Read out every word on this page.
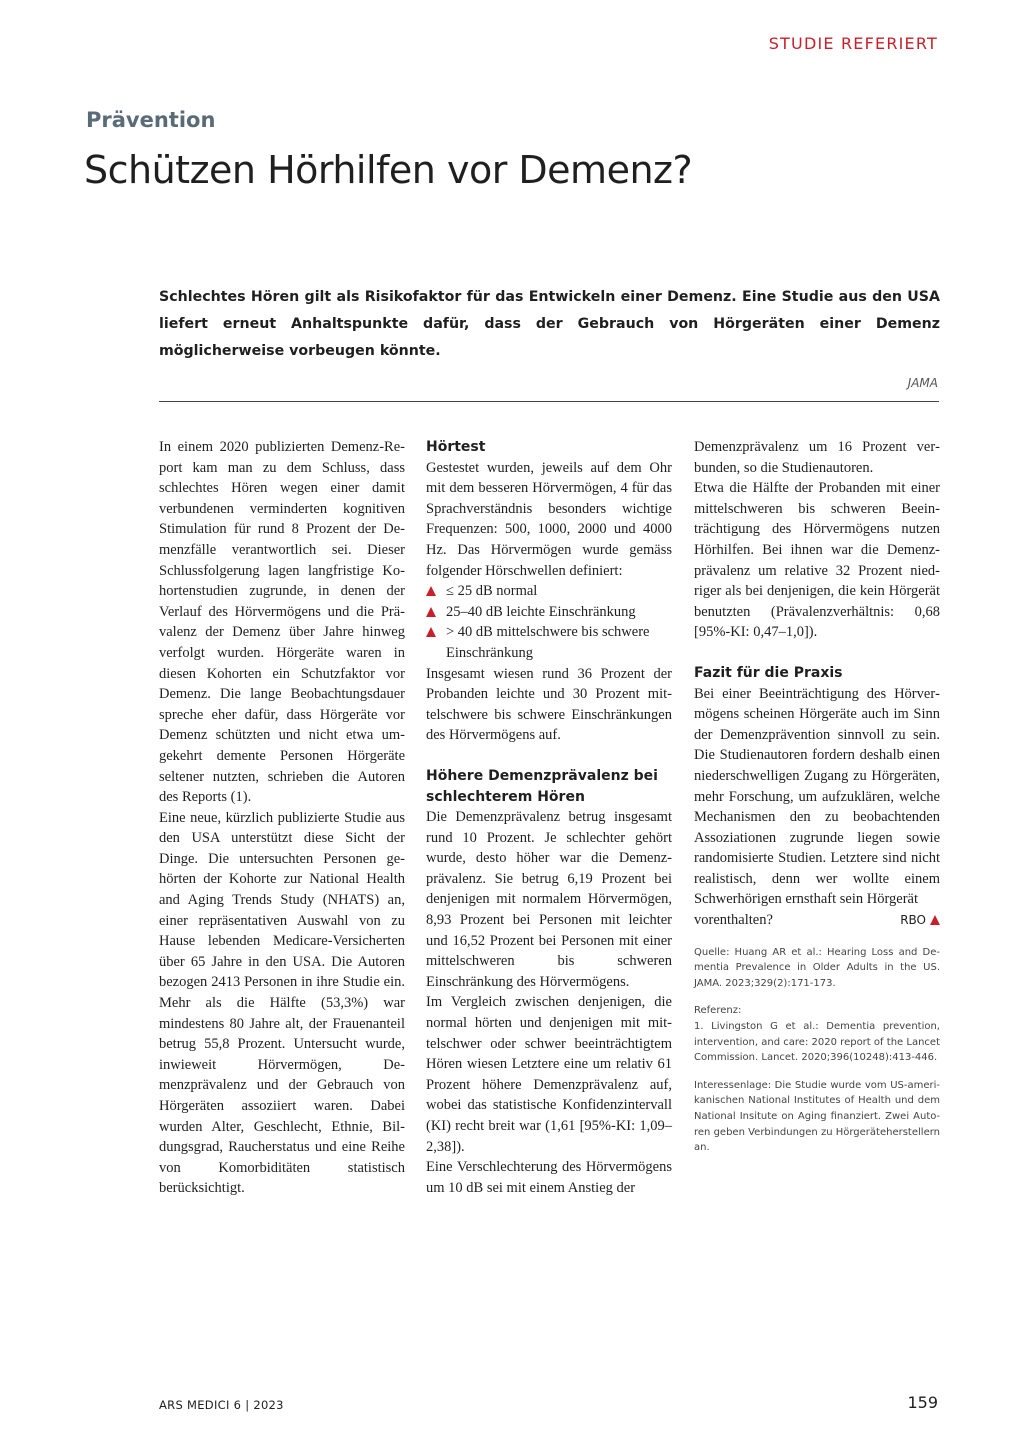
STUDIE REFERIERT
Prävention
Schützen Hörhilfen vor Demenz?

Schlechtes Hören gilt als Risikofaktor für das Entwickeln einer Demenz. Eine Studie aus den USA liefert erneut Anhaltspunkte dafür, dass der Gebrauch von Hörgeräten einer Demenz möglicherweise vorbeugen könnte.

JAMA

In einem 2020 publizierten Demenz-Report kam man zu dem Schluss, dass schlechtes Hören wegen einer damit verbundenen verminderten kognitiven Stimulation für rund 8 Prozent der Demenzfälle verantwortlich sei. Dieser Schlussfolgerung lagen langfristige Kohortenstudien zugrunde, in denen der Verlauf des Hörvermögens und die Prävalenz der Demenz über Jahre hinweg verfolgt wurden. Hörgeräte waren in diesen Kohorten ein Schutzfaktor vor Demenz. Die lange Beobachtungsdauer spreche eher dafür, dass Hörgeräte vor Demenz schützten und nicht etwa umgekehrt demente Personen Hörgeräte seltener nutzten, schrieben die Autoren des Reports (1).

Eine neue, kürzlich publizierte Studie aus den USA unterstützt diese Sicht der Dinge. Die untersuchten Personen gehörten der Kohorte zur National Health and Aging Trends Study (NHATS) an, einer repräsentativen Auswahl von zu Hause lebenden Medicare-Versicherten über 65 Jahre in den USA. Die Autoren bezogen 2413 Personen in ihre Studie ein. Mehr als die Hälfte (53,3%) war mindestens 80 Jahre alt, der Frauenanteil betrug 55,8 Prozent. Untersucht wurde, inwieweit Hörvermögen, Demenzprävalenz und der Gebrauch von Hörgeräten assoziiert waren. Dabei wurden Alter, Geschlecht, Ethnie, Bildungsgrad, Raucherstatus und eine Reihe von Komorbiditäten statistisch berücksichtigt.

Hörtest

Gestestet wurden, jeweils auf dem Ohr mit dem besseren Hörvermögen, 4 für das Sprachverständnis besonders wichtige Frequenzen: 500, 1000, 2000 und 4000 Hz. Das Hörvermögen wurde gemäss folgender Hörschwellen definiert:

≤ 25 dB normal
25–40 dB leichte Einschränkung
> 40 dB mittelschwere bis schwere Einschränkung

Insgesamt wiesen rund 36 Prozent der Probanden leichte und 30 Prozent mittelschwere bis schwere Einschränkungen des Hörvermögens auf.

Höhere Demenzprävalenz bei schlechterem Hören

Die Demenzprävalenz betrug insgesamt rund 10 Prozent. Je schlechter gehört wurde, desto höher war die Demenzprävalenz. Sie betrug 6,19 Prozent bei denjenigen mit normalem Hörvermögen, 8,93 Prozent bei Personen mit leichter und 16,52 Prozent bei Personen mit einer mittelschweren bis schweren Einschränkung des Hörvermögens.

Im Vergleich zwischen denjenigen, die normal hörten und denjenigen mit mittelschwer oder schwer beeinträchtigtem Hören wiesen Letztere eine um relativ 61 Prozent höhere Demenzprävalenz auf, wobei das statistische Konfidenzintervall (KI) recht breit war (1,61 [95%-KI: 1,09–2,38]).

Eine Verschlechterung des Hörvermögens um 10 dB sei mit einem Anstieg der

Demenzprävalenz um 16 Prozent verbunden, so die Studienautoren.

Etwa die Hälfte der Probanden mit einer mittelschweren bis schweren Beeinträchtigung des Hörvermögens nutzen Hörhilfen. Bei ihnen war die Demenzprävalenz um relative 32 Prozent niedriger als bei denjenigen, die kein Hörgerät benutzten (Prävalenzverhältnis: 0,68 [95%-KI: 0,47–1,0]).

Fazit für die Praxis

Bei einer Beeinträchtigung des Hörvermögens scheinen Hörgeräte auch im Sinn der Demenzprävention sinnvoll zu sein. Die Studienautoren fordern deshalb einen niederschwelligen Zugang zu Hörgeräten, mehr Forschung, um aufzuklären, welche Mechanismen den zu beobachtenden Assoziationen zugrunde liegen sowie randomisierte Studien. Letztere sind nicht realistisch, denn wer wollte einem Schwerhörigen ernsthaft sein Hörgerät

vorenthalten?	RBO

Quelle: Huang AR et al.: Hearing Loss and Dementia Prevalence in Older Adults in the US. JAMA. 2023;329(2):171-173.

Referenz:

1. Livingston G et al.: Dementia prevention, intervention, and care: 2020 report of the Lancet Commission. Lancet. 2020;396(10248):413-446.

Interessenlage: Die Studie wurde vom US-amerikanischen National Institutes of Health und dem National Insitute on Aging finanziert. Zwei Autoren geben Verbindungen zu Hörgeräteherstellern an.

ARS MEDICI 6 | 2023	159
